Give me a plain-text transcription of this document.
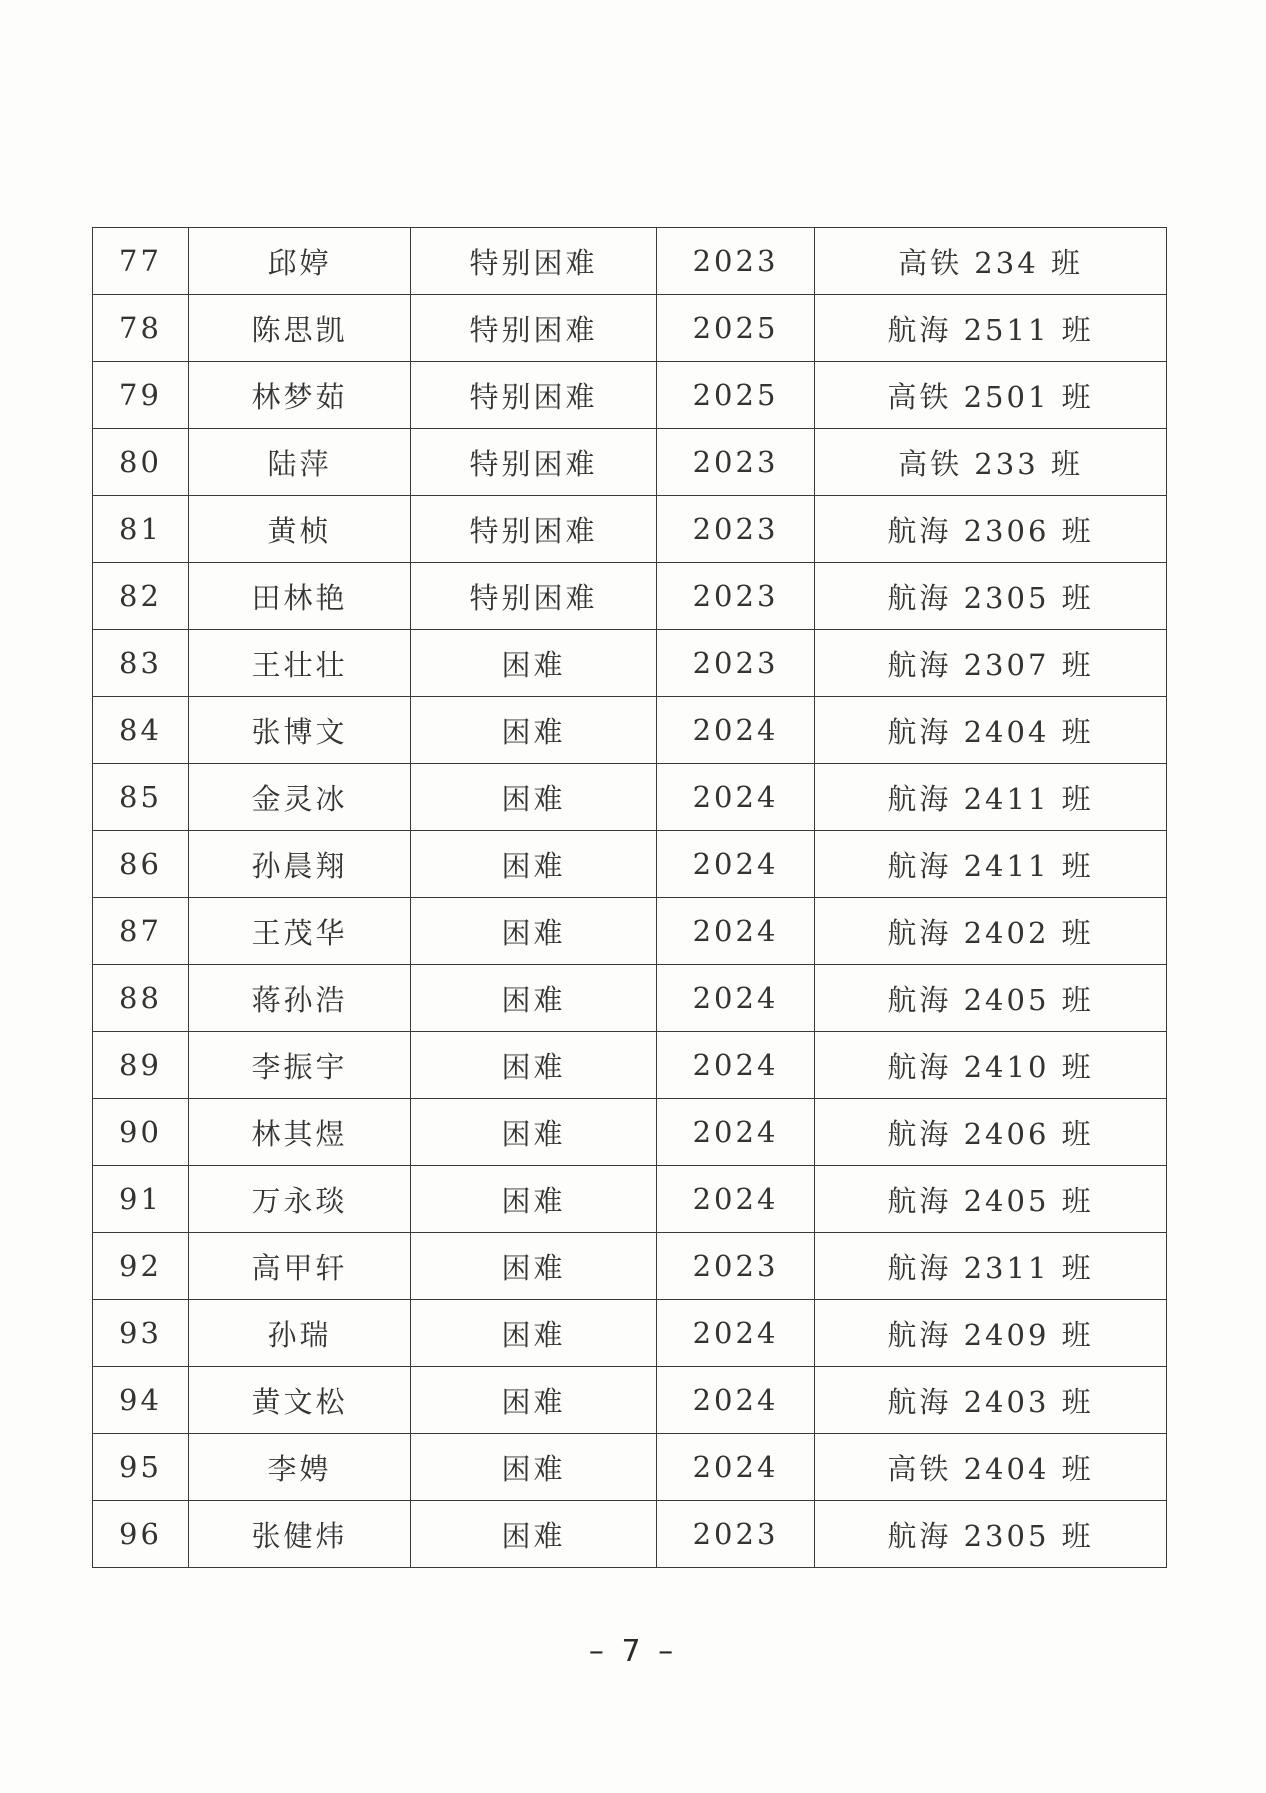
77	邱婷	特别困难	2023	高铁 234 班
78	陈思凯	特别困难	2025	航海 2511 班
79	林梦茹	特别困难	2025	高铁 2501 班
80	陆萍	特别困难	2023	高铁 233 班
81	黄桢	特别困难	2023	航海 2306 班
82	田林艳	特别困难	2023	航海 2305 班
83	王壮壮	困难	2023	航海 2307 班
84	张博文	困难	2024	航海 2404 班
85	金灵冰	困难	2024	航海 2411 班
86	孙晨翔	困难	2024	航海 2411 班
87	王茂华	困难	2024	航海 2402 班
88	蒋孙浩	困难	2024	航海 2405 班
89	李振宇	困难	2024	航海 2410 班
90	林其煜	困难	2024	航海 2406 班
91	万永琰	困难	2024	航海 2405 班
92	高甲轩	困难	2023	航海 2311 班
93	孙瑞	困难	2024	航海 2409 班
94	黄文松	困难	2024	航海 2403 班
95	李娉	困难	2024	高铁 2404 班
96	张健炜	困难	2023	航海 2305 班
– 7 –
